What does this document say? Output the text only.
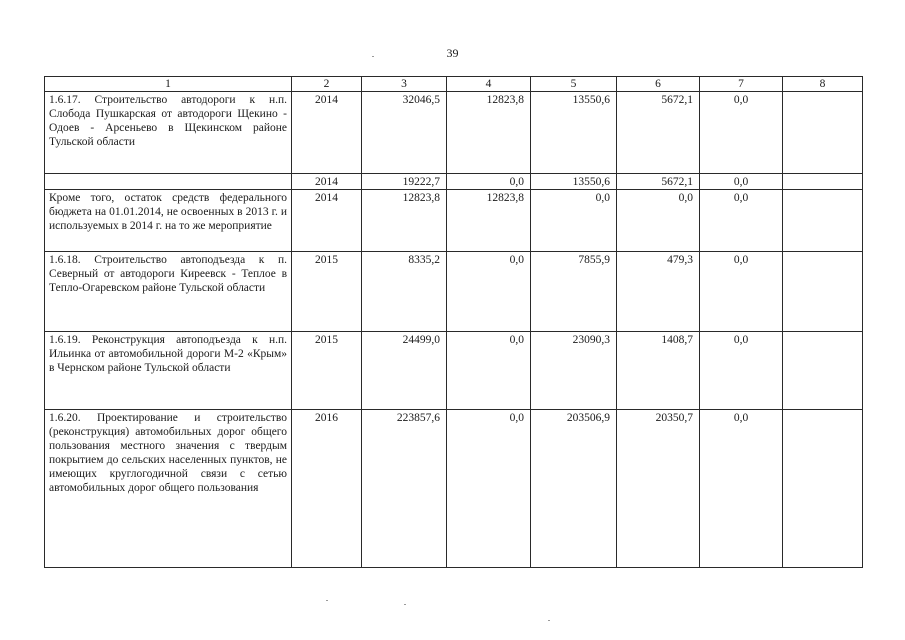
39
1	2	3	4	5	6	7	8
1.6.17. Строительство автодороги к н.п. Слобода Пушкарская от автодороги Щекино - Одоев - Арсеньево в Щекинском районе Тульской области	2014	32046,5	12823,8	13550,6	5672,1	0,0	
	2014	19222,7	0,0	13550,6	5672,1	0,0	
Кроме того, остаток средств федерального бюджета на 01.01.2014, не освоенных в 2013 г. и используемых в 2014 г. на то же мероприятие	2014	12823,8	12823,8	0,0	0,0	0,0	
1.6.18. Строительство автоподъезда к п. Северный от автодороги Киреевск - Теплое в Тепло-Огаревском районе Тульской области	2015	8335,2	0,0	7855,9	479,3	0,0	
1.6.19. Реконструкция автоподъезда к н.п. Ильинка от автомобильной дороги М-2 «Крым» в Чернском районе Тульской области	2015	24499,0	0,0	23090,3	1408,7	0,0	
1.6.20. Проектирование и строительство (реконструкция) автомобильных дорог общего пользования местного значения с твердым покрытием до сельских населенных пунктов, не имеющих круглогодичной связи с сетью автомобильных дорог общего пользования	2016	223857,6	0,0	203506,9	20350,7	0,0	
